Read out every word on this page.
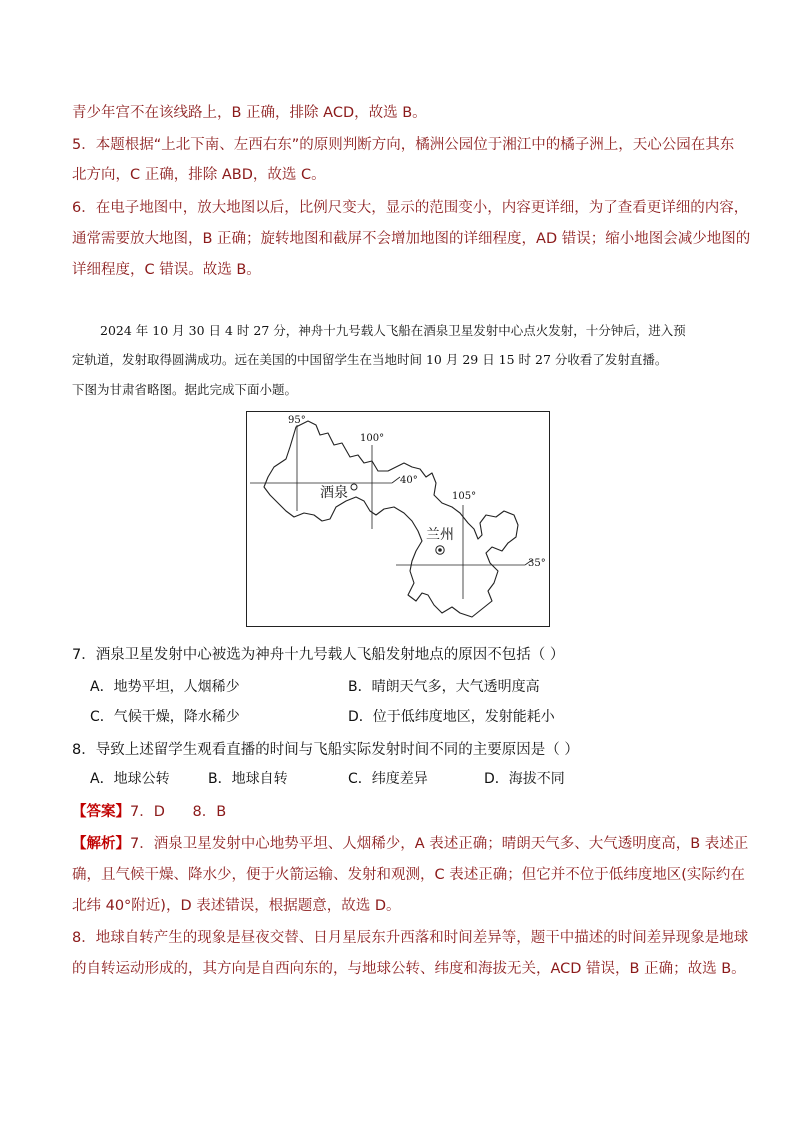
青少年宫不在该线路上，B 正确，排除 ACD，故选 B。
5．本题根据“上北下南、左西右东”的原则判断方向，橘洲公园位于湘江中的橘子洲上，天心公园在其东
北方向，C 正确，排除 ABD，故选 C。
6．在电子地图中，放大地图以后，比例尺变大，显示的范围变小，内容更详细，为了查看更详细的内容，
通常需要放大地图，B 正确；旋转地图和截屏不会增加地图的详细程度，AD 错误；缩小地图会减少地图的
详细程度，C 错误。故选 B。
2024 年 10 月 30 日 4 时 27 分，神舟十九号载人飞船在酒泉卫星发射中心点火发射，十分钟后，进入预
定轨道，发射取得圆满成功。远在美国的中国留学生在当地时间 10 月 29 日 15 时 27 分收看了发射直播。
下图为甘肃省略图。据此完成下面小题。
95°
100°
105°
40°
35°
酒泉
兰州
7．酒泉卫星发射中心被选为神舟十九号载人飞船发射地点的原因不包括（ ）
A．地势平坦，人烟稀少	B．晴朗天气多，大气透明度高
C．气候干燥，降水稀少	D．位于低纬度地区，发射能耗小
8．导致上述留学生观看直播的时间与飞船实际发射时间不同的主要原因是（ ）
A．地球公转	B．地球自转	C．纬度差异	D．海拔不同
【答案】7．D      8．B
【解析】7．酒泉卫星发射中心地势平坦、人烟稀少，A 表述正确；晴朗天气多、大气透明度高，B 表述正
确，且气候干燥、降水少，便于火箭运输、发射和观测，C 表述正确；但它并不位于低纬度地区(实际约在
北纬 40°附近)，D 表述错误，根据题意，故选 D。
8．地球自转产生的现象是昼夜交替、日月星辰东升西落和时间差异等，题干中描述的时间差异现象是地球
的自转运动形成的，其方向是自西向东的，与地球公转、纬度和海拔无关，ACD 错误，B 正确；故选 B。
